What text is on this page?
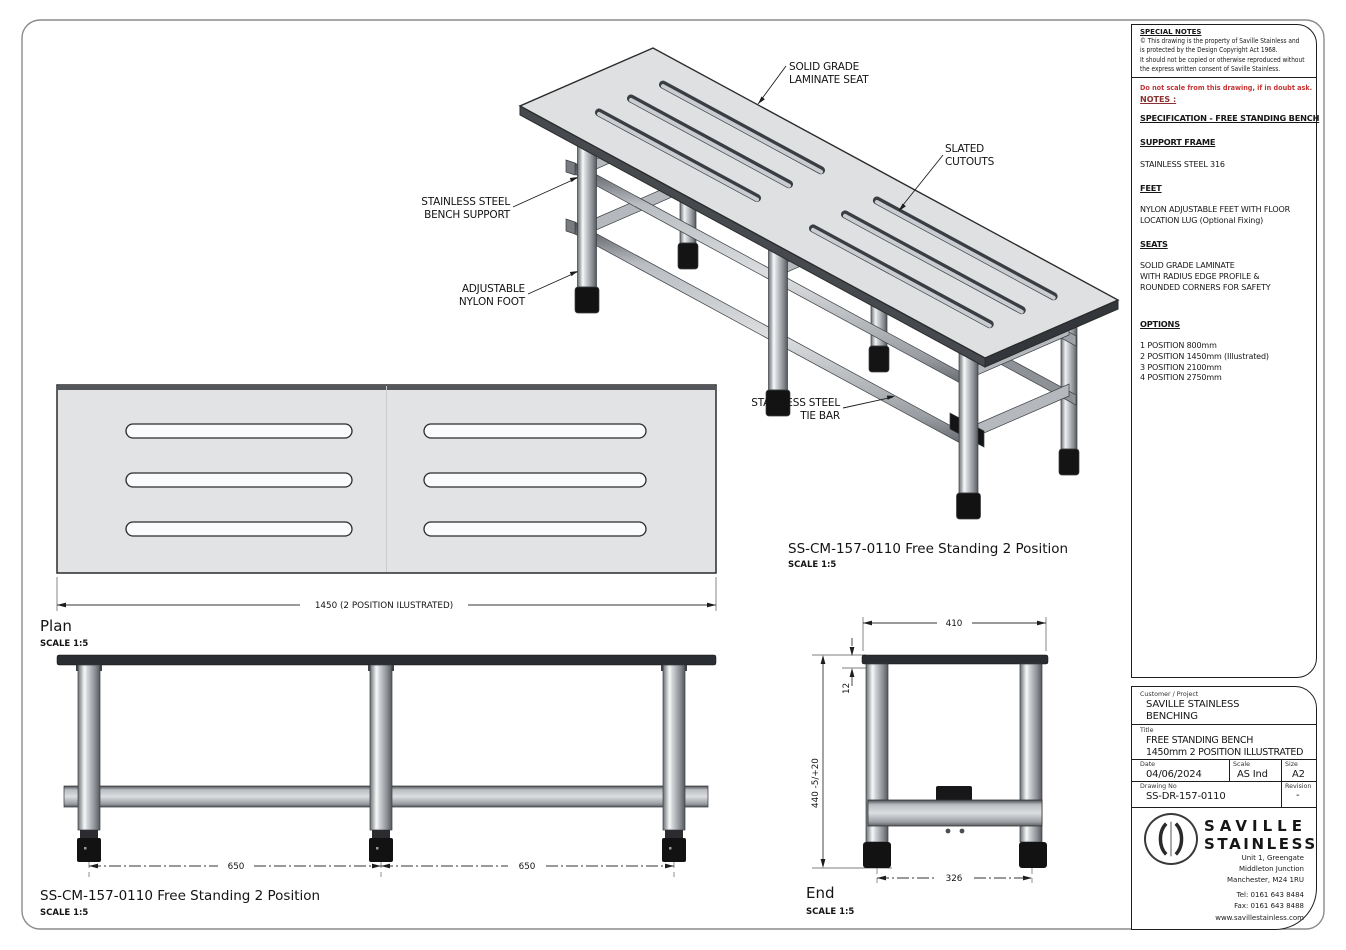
SOLID GRADE
LAMINATE SEAT
SLATED
CUTOUTS
STAINLESS STEEL
BENCH SUPPORT
ADJUSTABLE
NYLON FOOT
STAINLESS STEEL
TIE BAR
SS-CM-157-0110 Free Standing 2 Position
SCALE 1:5
1450 (2 POSITION ILUSTRATED)
Plan
SCALE 1:5
650	650
SS-CM-157-0110 Free Standing 2 Position
SCALE 1:5
410
12
440 -5/+20
326
End
SCALE 1:5
SPECIAL NOTES
© This drawing is the property of Saville Stainless and
is protected by the Design Copyright Act 1968.
It should not be copied or otherwise reproduced without
the express written consent of Saville Stainless.
Do not scale from this drawing, if in doubt ask.
NOTES :
SPECIFICATION - FREE STANDING BENCH
SUPPORT FRAME
STAINLESS STEEL 316
FEET
NYLON ADJUSTABLE FEET WITH FLOOR
LOCATION LUG (Optional Fixing)
SEATS
SOLID GRADE LAMINATE
WITH RADIUS EDGE PROFILE &
ROUNDED CORNERS FOR SAFETY
OPTIONS
1 POSITION 800mm
2 POSITION 1450mm (Illustrated)
3 POSITION 2100mm
4 POSITION 2750mm
Customer / Project
SAVILLE STAINLESS
BENCHING
Title
FREE STANDING BENCH
1450mm 2 POSITION ILLUSTRATED
Date
04/06/2024
Scale
AS Ind
Size
A2
Drawing No
SS-DR-157-0110
Revision
-
SAVILLE
STAINLESS
Unit 1, Greengate
Middleton Junction
Manchester, M24 1RU
Tel: 0161 643 8484
Fax: 0161 643 8488
www.savillestainless.com
